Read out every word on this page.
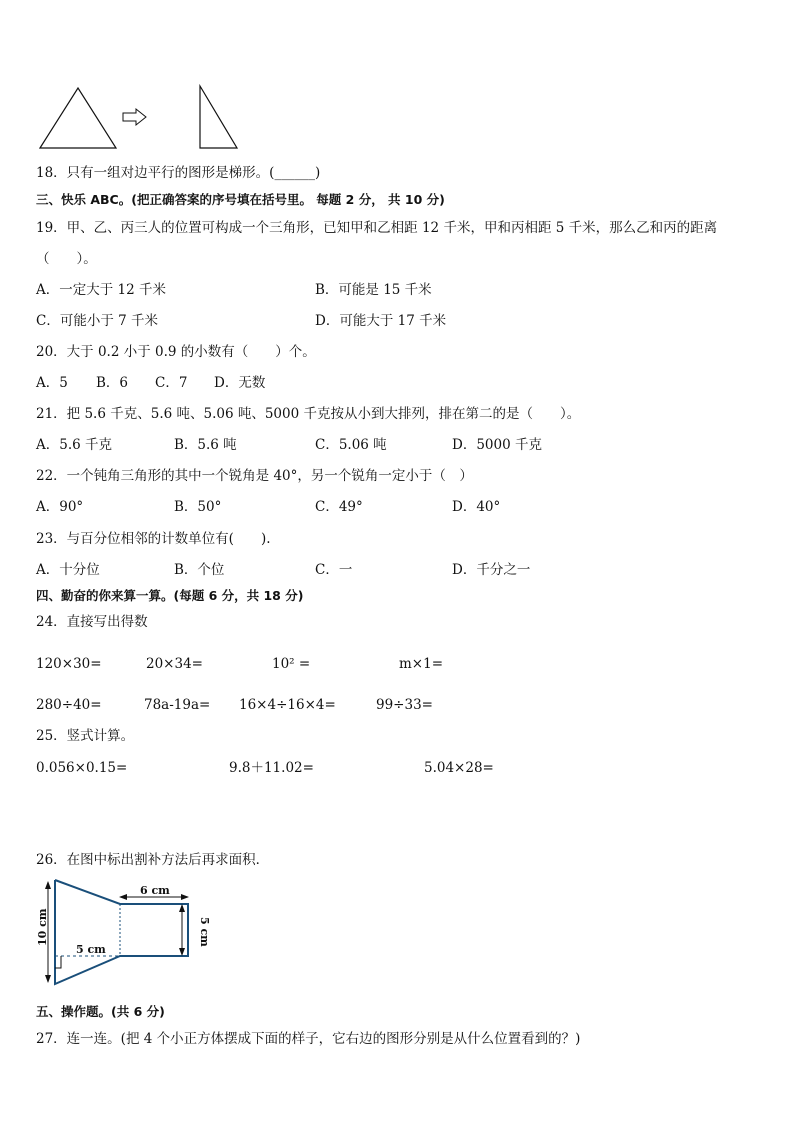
18．只有一组对边平行的图形是梯形。(______)
三、快乐 ABC。(把正确答案的序号填在括号里。 每题 2 分， 共 10 分)
19．甲、乙、丙三人的位置可构成一个三角形，已知甲和乙相距 12 千米，甲和丙相距 5 千米，那么乙和丙的距离
（　　）。
A．一定大于 12 千米	B．可能是 15 千米
C．可能小于 7 千米	D．可能大于 17 千米
20．大于 0.2 小于 0.9 的小数有（　　）个。
A．5 B．6 C．7 D．无数
21．把 5.6 千克、5.6 吨、5.06 吨、5000 千克按从小到大排列，排在第二的是（　　）。
A．5.6 千克	B．5.6 吨	C．5.06 吨	D．5000 千克
22．一个钝角三角形的其中一个锐角是 40°，另一个锐角一定小于（　）
A．90°	B．50°	C．49°	D．40°
23．与百分位相邻的计数单位有(　　).
A．十分位	B．个位	C．一	D．千分之一
四、勤奋的你来算一算。(每题 6 分，共 18 分)
24．直接写出得数
120×30=	20×34=	10² =	m×1=
280÷40=	78a-19a= 16×4÷16×4=	99÷33=
25．竖式计算。
0.056×0.15=	9.8＋11.02=	5.04×28=
26．在图中标出割补方法后再求面积．
6 cm
5 cm
10 cm	5 cm
五、操作题。(共 6 分)
27．连一连。(把 4 个小正方体摆成下面的样子，它右边的图形分别是从什么位置看到的？)
